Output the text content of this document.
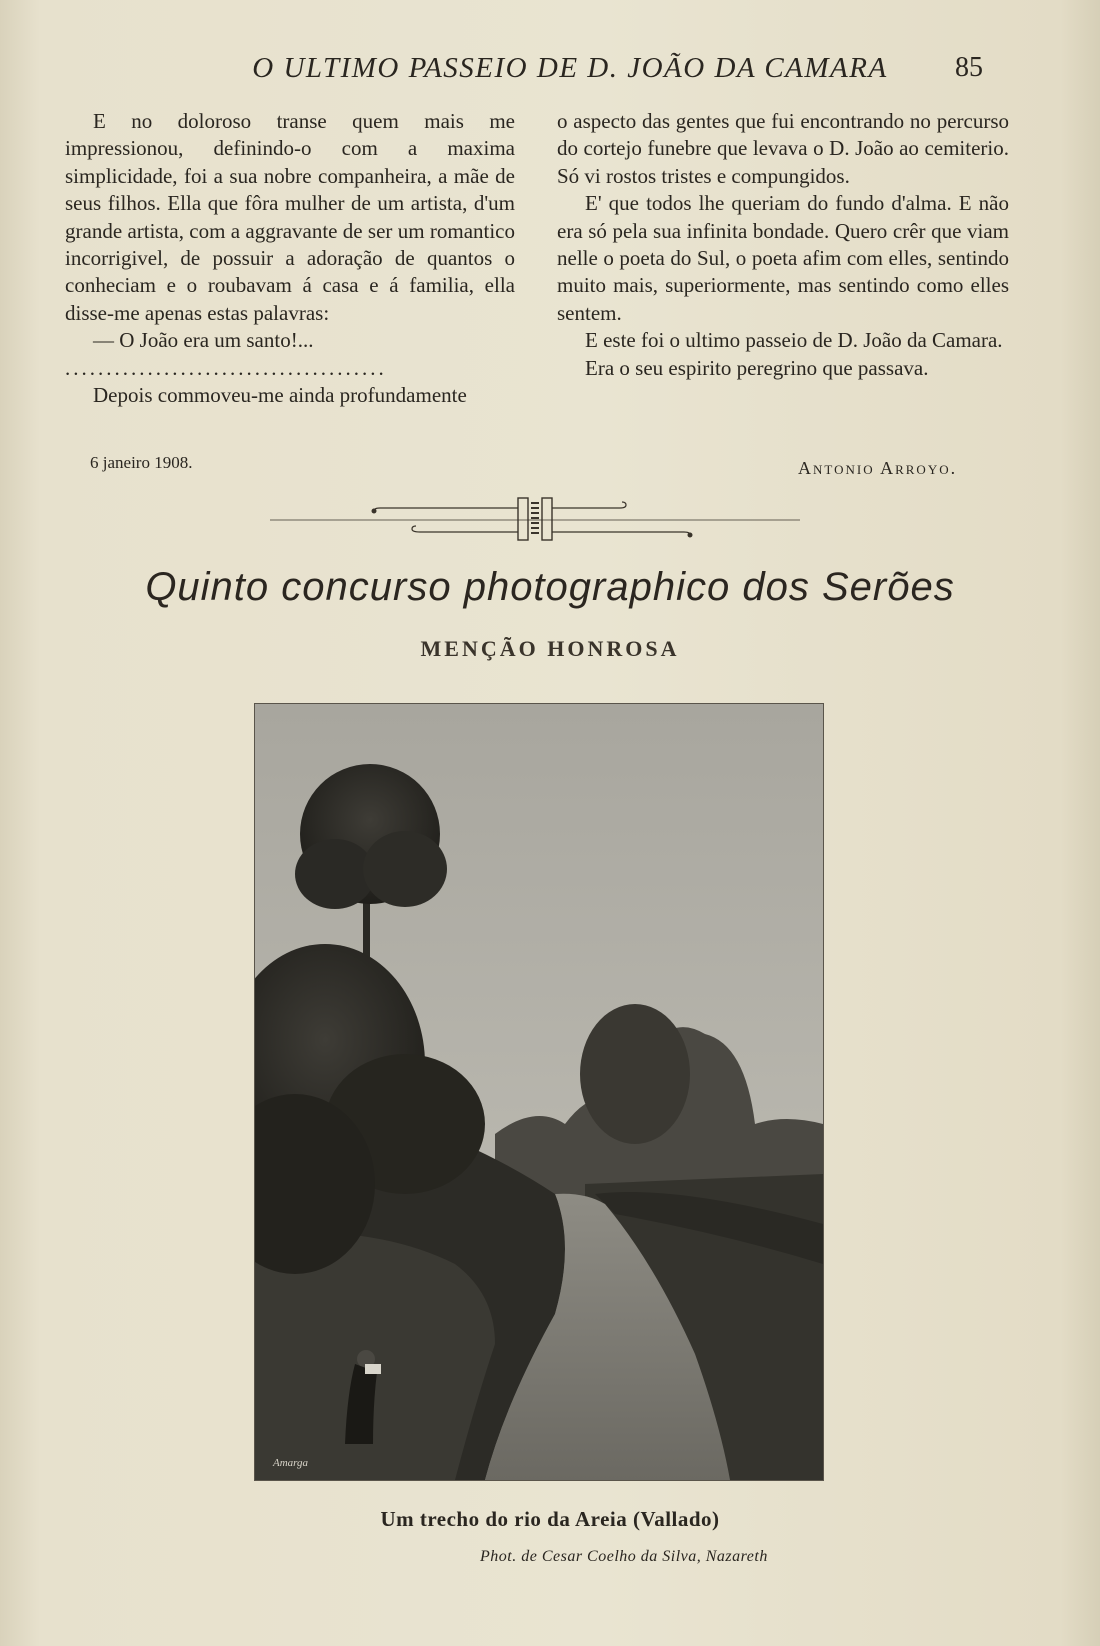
O ULTIMO PASSEIO DE D. JOÃO DA CAMARA	85

E no doloroso transe quem mais me impressionou, definindo-o com a maxima simplicidade, foi a sua nobre companheira, a mãe de seus filhos. Ella que fôra mulher de um artista, d'um grande artista, com a aggravante de ser um romantico incorrigivel, de possuir a adoração de quantos o conheciam e o roubavam á casa e á familia, ella disse-me apenas estas palavras:

— O João era um santo!...

.......................................

Depois commoveu-me ainda profundamente

o aspecto das gentes que fui encontrando no percurso do cortejo funebre que levava o D. João ao cemiterio. Só vi rostos tristes e compungidos.

E' que todos lhe queriam do fundo d'alma. E não era só pela sua infinita bondade. Quero crêr que viam nelle o poeta do Sul, o poeta afim com elles, sentindo muito mais, superiormente, mas sentindo como elles sentem.

E este foi o ultimo passeio de D. João da Camara.

Era o seu espirito peregrino que passava.

6 janeiro 1908.	Antonio Arroyo.
Quinto concurso photographico dos Serões
MENÇÃO HONROSA
Amarga
Um trecho do rio da Areia (Vallado)
Phot. de Cesar Coelho da Silva, Nazareth
